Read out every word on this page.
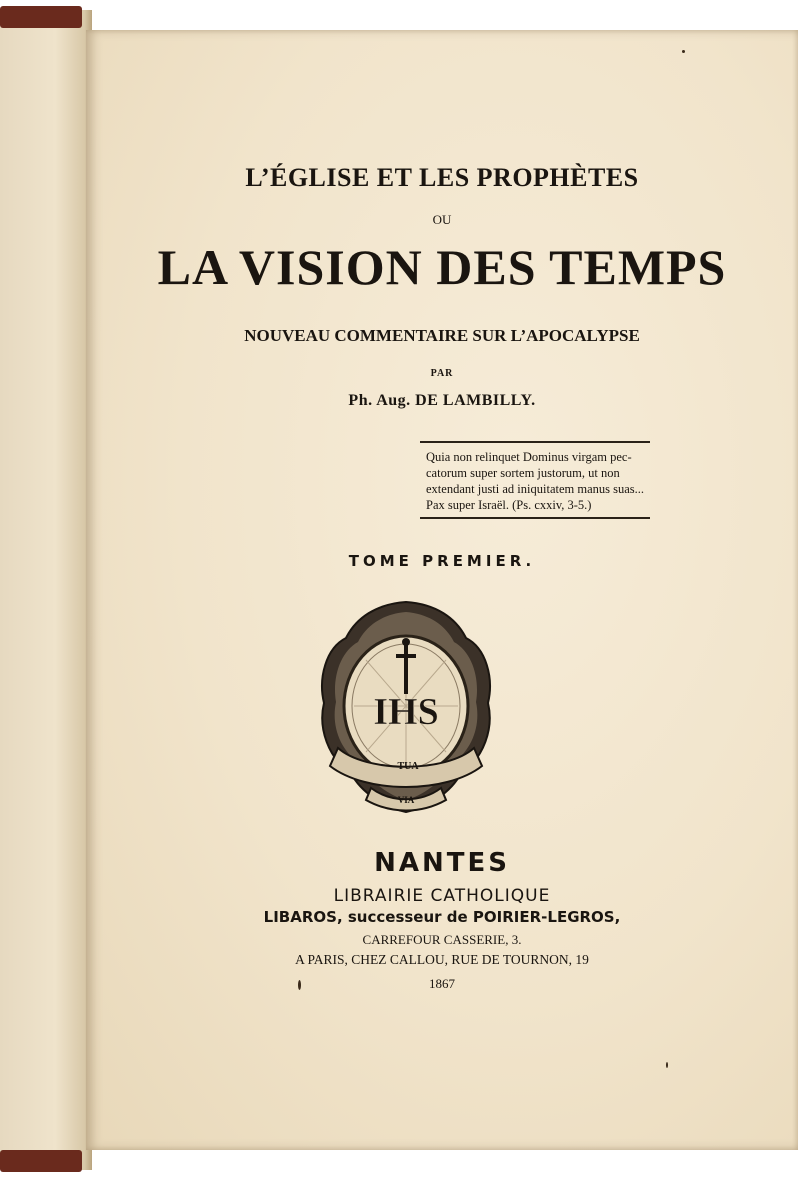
L’ÉGLISE ET LES PROPHÈTES
OU
LA VISION DES TEMPS
NOUVEAU COMMENTAIRE SUR L’APOCALYPSE
PAR
Ph. Aug. DE LAMBILLY.
Quia non relinquet Dominus virgam pec-
catorum super sortem justorum, ut non
extendant justi ad iniquitatem manus suas...
Pax super Israël. (Ps. cxxiv, 3-5.)
TOME PREMIER.
IHS
TUA
VIA
NANTES
LIBRAIRIE CATHOLIQUE
LIBAROS, successeur de POIRIER-LEGROS,
CARREFOUR CASSERIE, 3.
A PARIS, CHEZ CALLOU, RUE DE TOURNON, 19
1867
